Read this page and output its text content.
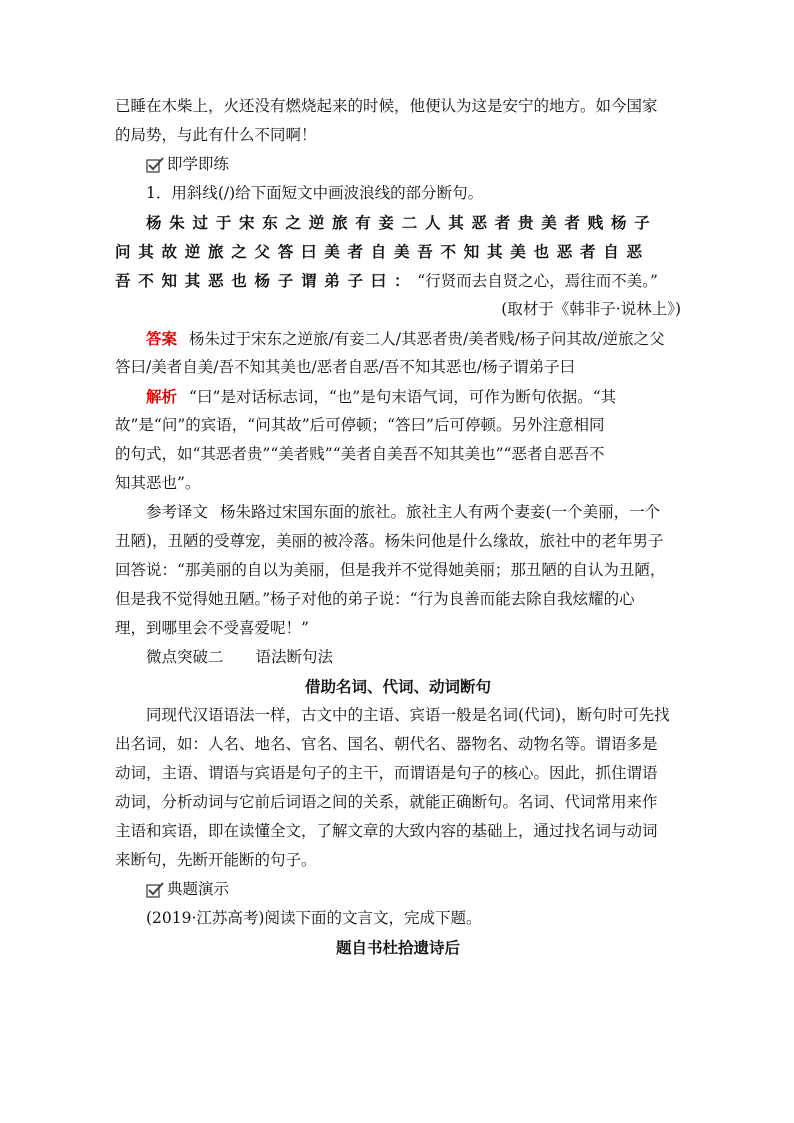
已睡在木柴上，火还没有燃烧起来的时候，他便认为这是安宁的地方。如今国家
的局势，与此有什么不同啊！
即学即练
1．用斜线(/)给下面短文中画波浪线的部分断句。
杨朱过于宋东之逆旅有妾二人其恶者贵美者贱杨子
问其故逆旅之父答曰美者自美吾不知其美也恶者自恶
吾不知其恶也杨子谓弟子曰：“行贤而去自贤之心，焉往而不美。”
(取材于《韩非子·说林上》)
答案 杨朱过于宋东之逆旅/有妾二人/其恶者贵/美者贱/杨子问其故/逆旅之父
答曰/美者自美/吾不知其美也/恶者自恶/吾不知其恶也/杨子谓弟子曰
解析 “曰”是对话标志词，“也”是句末语气词，可作为断句依据。“其
故”是“问”的宾语，“问其故”后可停顿；“答曰”后可停顿。另外注意相同
的句式，如“其恶者贵”“美者贱”“美者自美吾不知其美也”“恶者自恶吾不
知其恶也”。
参考译文 杨朱路过宋国东面的旅社。旅社主人有两个妻妾(一个美丽，一个
丑陋)，丑陋的受尊宠，美丽的被冷落。杨朱问他是什么缘故，旅社中的老年男子
回答说：“那美丽的自以为美丽，但是我并不觉得她美丽；那丑陋的自认为丑陋，
但是我不觉得她丑陋。”杨子对他的弟子说：“行为良善而能去除自我炫耀的心
理，到哪里会不受喜爱呢！”
微点突破二 语法断句法
借助名词、代词、动词断句
同现代汉语语法一样，古文中的主语、宾语一般是名词(代词)，断句时可先找
出名词，如：人名、地名、官名、国名、朝代名、器物名、动物名等。谓语多是
动词，主语、谓语与宾语是句子的主干，而谓语是句子的核心。因此，抓住谓语
动词，分析动词与它前后词语之间的关系，就能正确断句。名词、代词常用来作
主语和宾语，即在读懂全文，了解文章的大致内容的基础上，通过找名词与动词
来断句，先断开能断的句子。
典题演示
(2019·江苏高考)阅读下面的文言文，完成下题。
题自书杜拾遗诗后
